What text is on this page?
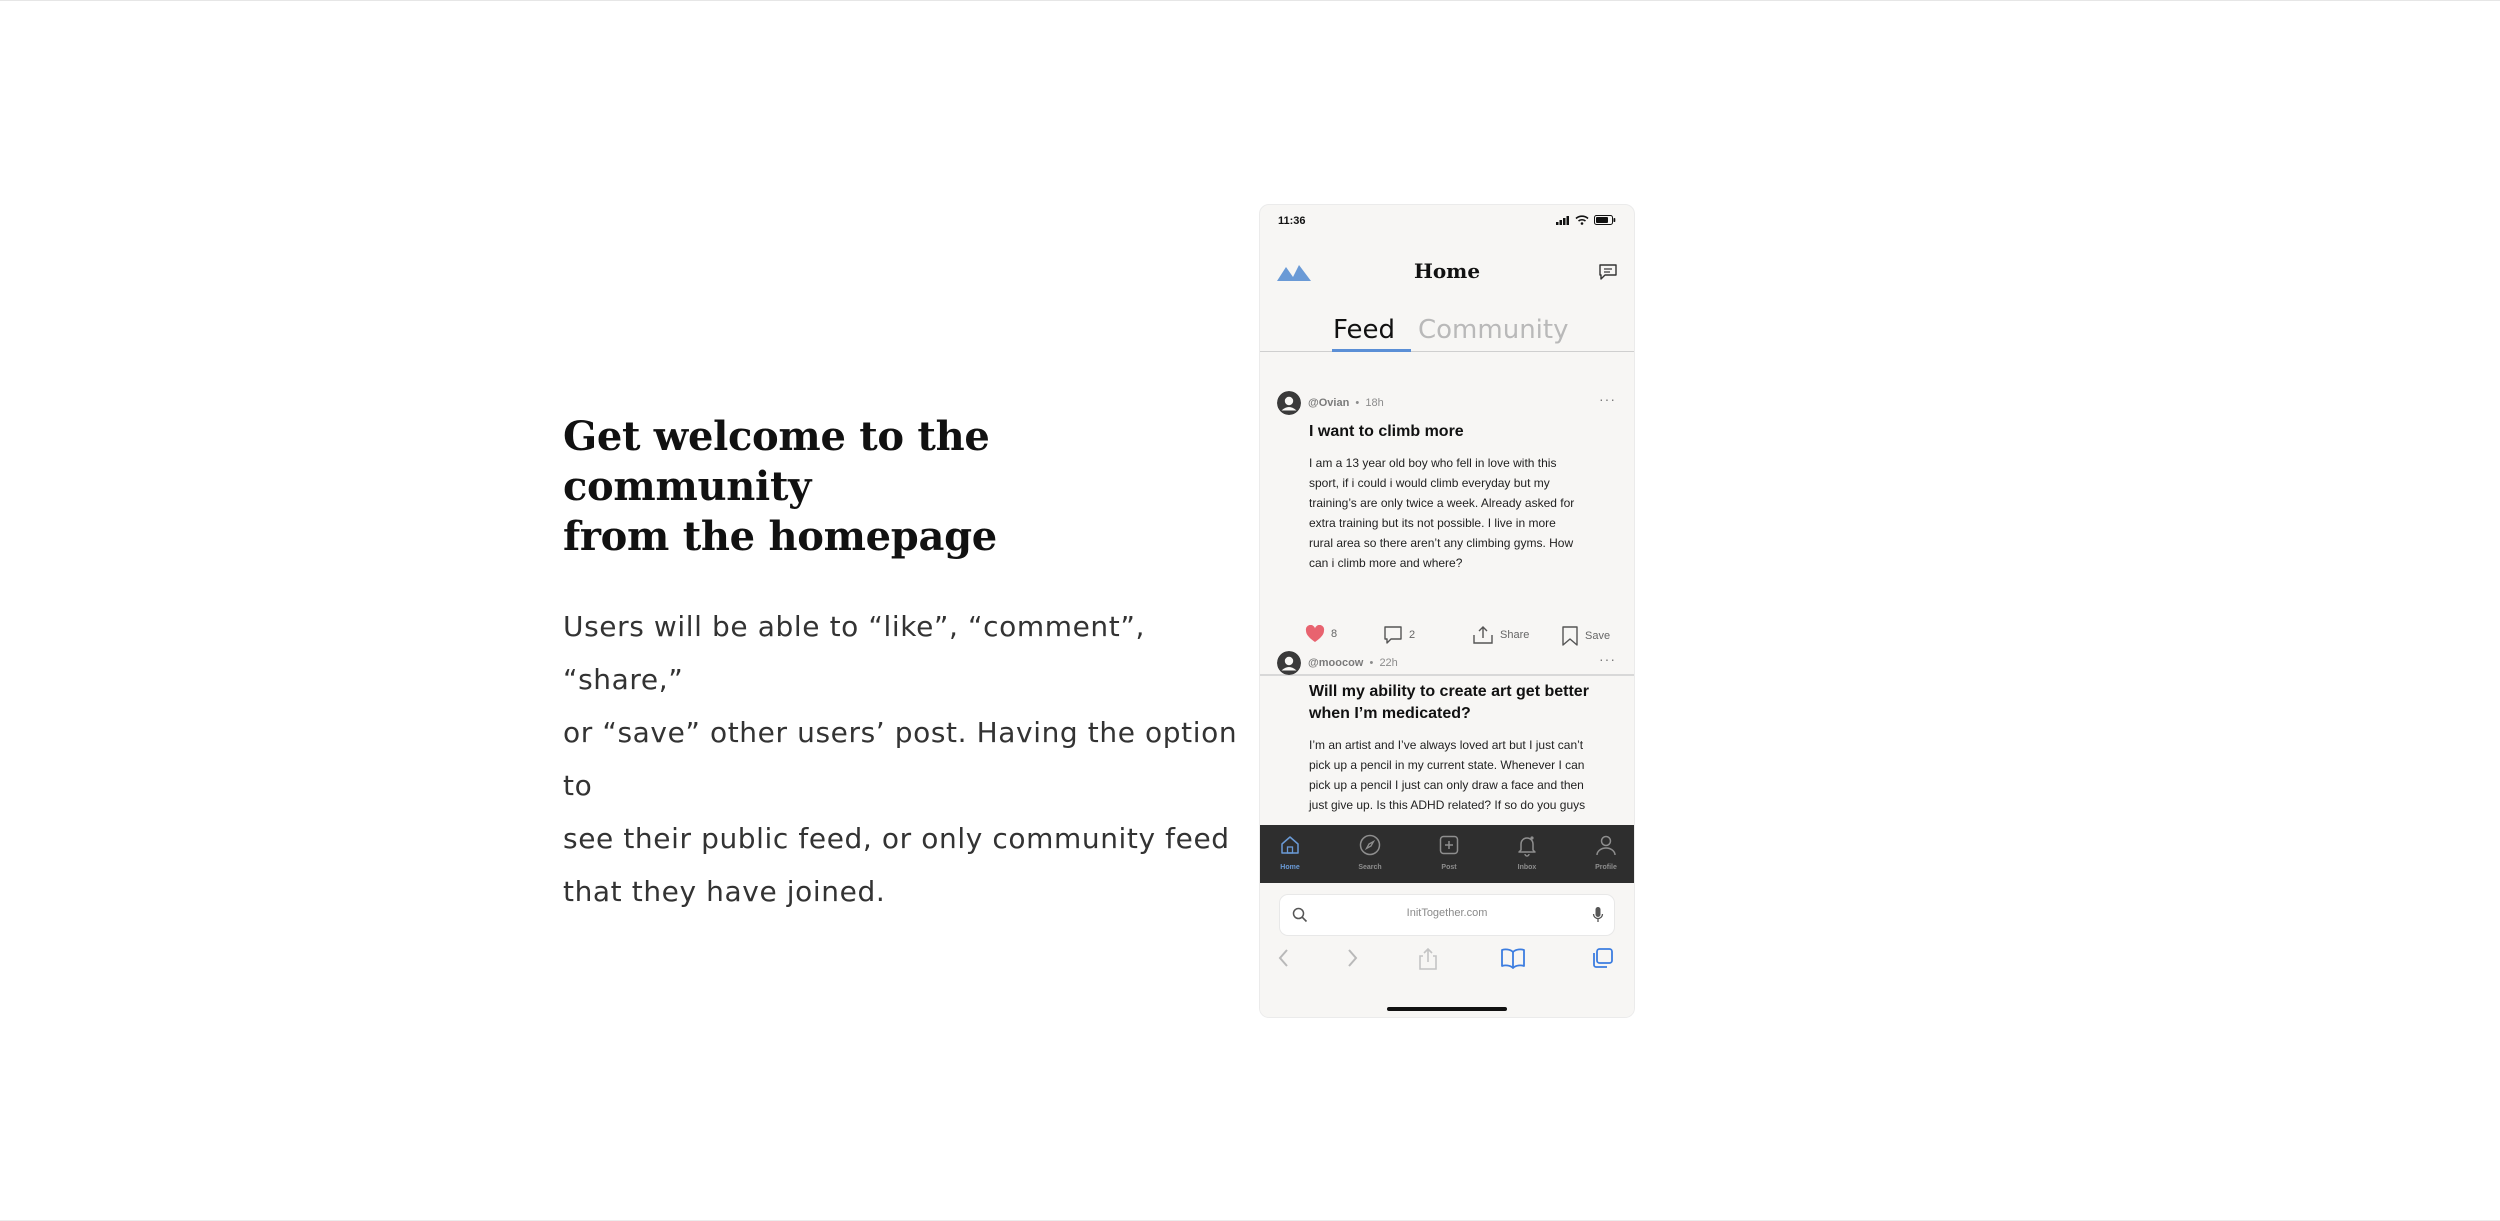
Get welcome to the community
from the homepage
Users will be able to “like”, “comment”, “share,”
or “save” other users’ post. Having the option to
see their public feed, or only community feed
that they have joined.
11:36
Home
Feed Community
@Ovian  •  18h	···
I want to climb more
I am a 13 year old boy who fell in love with this
sport, if i could i would climb everyday but my
training’s are only twice a week. Already asked for
extra training but its not possible. I live in more
rural area so there aren’t any climbing gyms. How
can i climb more and where?
8	2	Share	Save
@moocow  •  22h	···
Will my ability to create art get better
when I’m medicated?
I’m an artist and I’ve always loved art but I just can’t
pick up a pencil in my current state. Whenever I can
pick up a pencil I just can only draw a face and then
just give up. Is this ADHD related? If so do you guys
Home	Search	Post	Inbox	Profile
InitTogether.com
